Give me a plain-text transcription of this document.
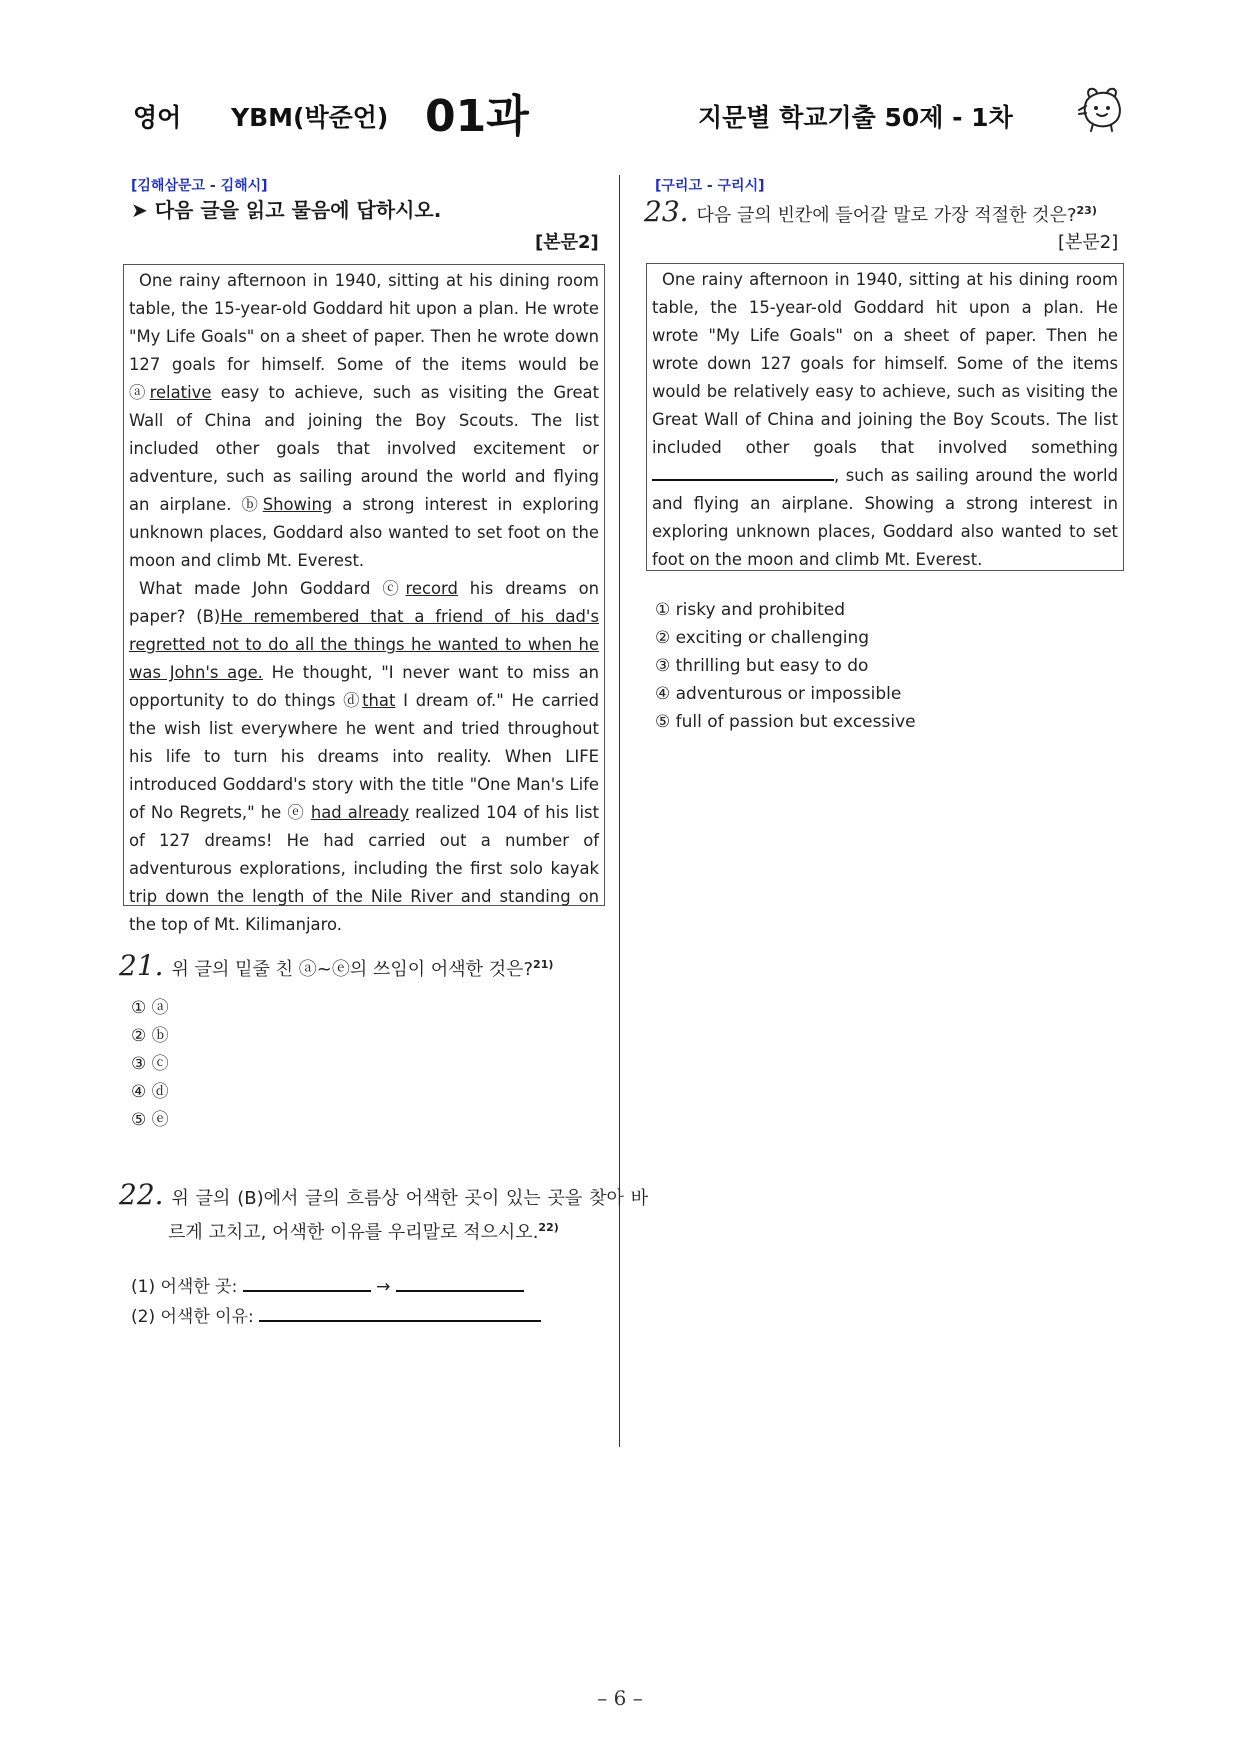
영어 YBM(박준언) 01과	지문별 학교기출 50제 - 1차
[김해삼문고 - 김해시]
➤ 다음 글을 읽고 물음에 답하시오.
[본문2]

One rainy afternoon in 1940, sitting at his dining room table, the 15-year-old Goddard hit upon a plan. He wrote "My Life Goals" on a sheet of paper. Then he wrote down 127 goals for himself. Some of the items would be ⓐrelative easy to achieve, such as visiting the Great Wall of China and joining the Boy Scouts. The list included other goals that involved excitement or adventure, such as sailing around the world and flying an airplane. ⓑShowing a strong interest in exploring unknown places, Goddard also wanted to set foot on the moon and climb Mt. Everest.

What made John Goddard ⓒrecord his dreams on paper? (B)He remembered that a friend of his dad's regretted not to do all the things he wanted to when he was John's age. He thought, "I never want to miss an opportunity to do things ⓓthat I dream of." He carried the wish list everywhere he went and tried throughout his life to turn his dreams into reality. When LIFE introduced Goddard's story with the title "One Man's Life of No Regrets," he ⓔ had already realized 104 of his list of 127 dreams! He had carried out a number of adventurous explorations, including the first solo kayak trip down the length of the Nile River and standing on the top of Mt. Kilimanjaro.

21. 위 글의 밑줄 친 ⓐ~ⓔ의 쓰임이 어색한 것은?$^{21)}$
① ⓐ
② ⓑ
③ ⓒ
④ ⓓ
⑤ ⓔ
22. 위 글의 (B)에서 글의 흐름상 어색한 곳이 있는 곳을 찾아 바르게 고치고, 어색한 이유를 우리말로 적으시오.$^{22)}$
(1) 어색한 곳:	→
(2) 어색한 이유:
[구리고 - 구리시]
23. 다음 글의 빈칸에 들어갈 말로 가장 적절한 것은?$^{23)}$
[본문2]

One rainy afternoon in 1940, sitting at his dining room table, the 15-year-old Goddard hit upon a plan. He wrote "My Life Goals" on a sheet of paper. Then he wrote down 127 goals for himself. Some of the items would be relatively easy to achieve, such as visiting the Great Wall of China and joining the Boy Scouts. The list included other goals that involved something , such as sailing around the world and flying an airplane. Showing a strong interest in exploring unknown places, Goddard also wanted to set foot on the moon and climb Mt. Everest.

① risky and prohibited
② exciting or challenging
③ thrilling but easy to do
④ adventurous or impossible
⑤ full of passion but excessive
– 6 –
